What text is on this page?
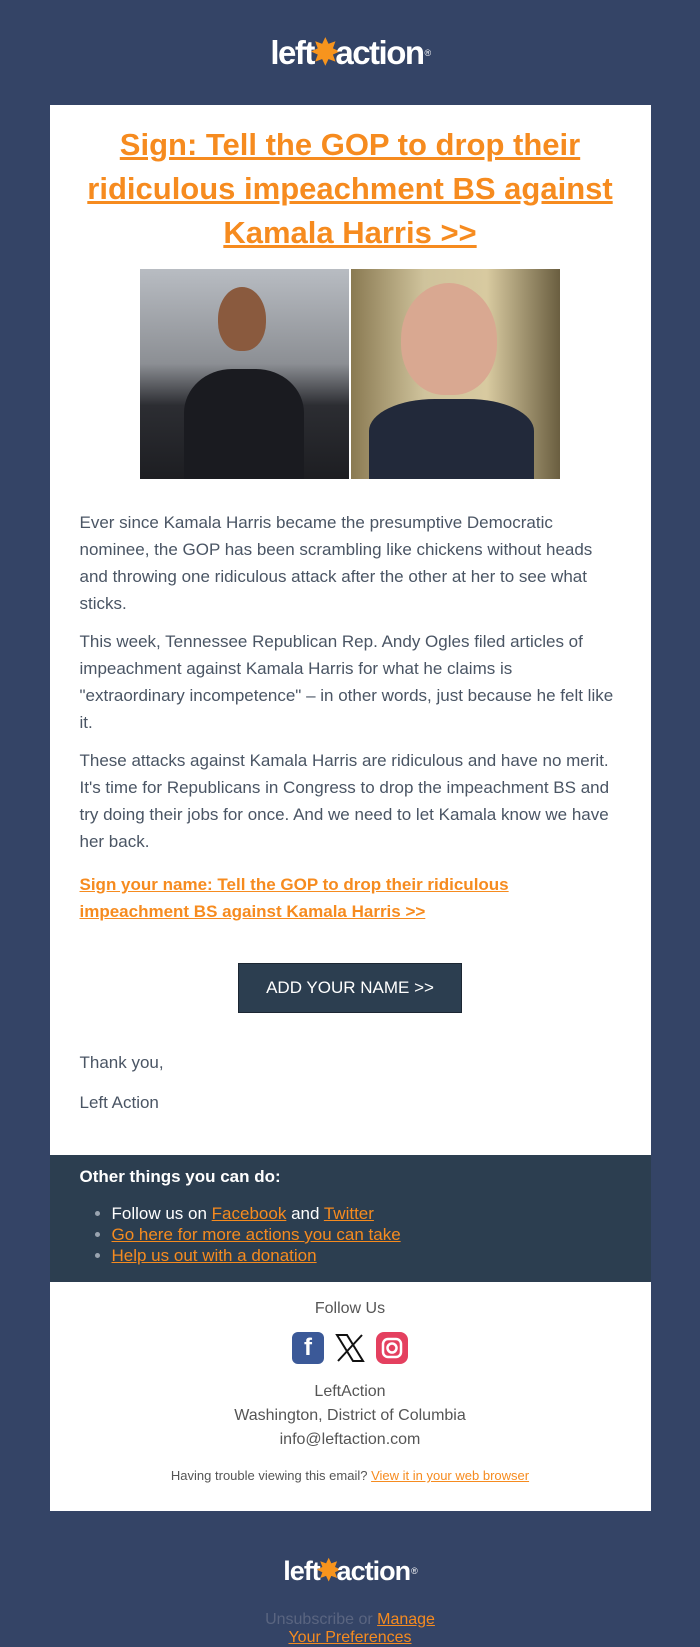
left
✸
action ®
Sign: Tell the GOP to drop their ridiculous impeachment BS against Kamala Harris >>

Ever since Kamala Harris became the presumptive Democratic nominee, the GOP has been scrambling like chickens without heads and throwing one ridiculous attack after the other at her to see what sticks.

This week, Tennessee Republican Rep. Andy Ogles filed articles of impeachment against Kamala Harris for what he claims is "extraordinary incompetence" – in other words, just because he felt like it.

These attacks against Kamala Harris are ridiculous and have no merit. It's time for Republicans in Congress to drop the impeachment BS and try doing their jobs for once. And we need to let Kamala know we have her back.

Sign your name: Tell the GOP to drop their ridiculous impeachment BS against Kamala Harris >>
ADD YOUR NAME >>

Thank you,

Left Action

Other things you can do:
• Follow us on Facebook and Twitter
• Go here for more actions you can take
• Help us out with a donation
Follow Us
f
LeftAction
Washington, District of Columbia
info@leftaction.com
Having trouble viewing this email? View it in your web browser
left
✸
action ®
Unsubscribe or Manage
Your Preferences
